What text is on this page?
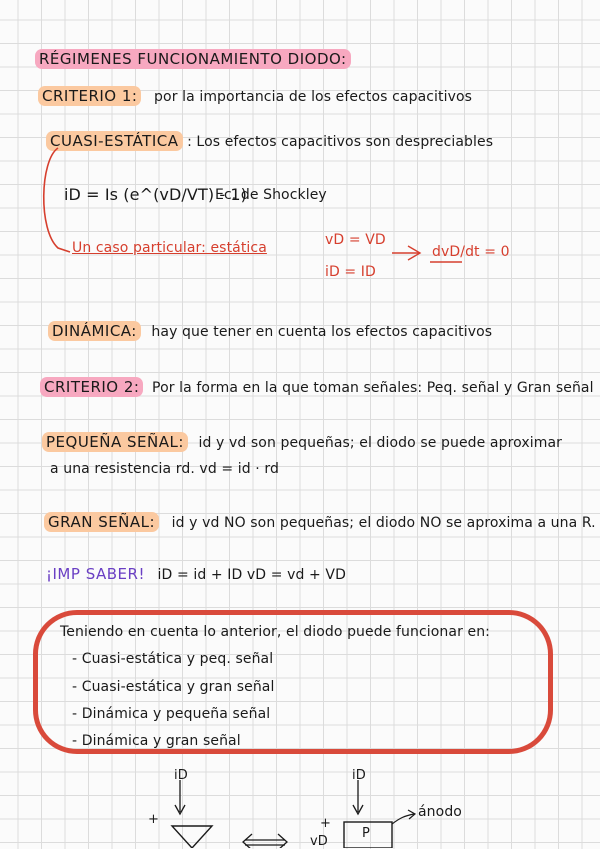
RÉGIMENES FUNCIONAMIENTO DIODO:
CRITERIO 1: por la importancia de los efectos capacitivos
CUASI-ESTÁTICA : Los efectos capacitivos son despreciables
iD = Is (e^(vD/VT) - 1)
Ec. de Shockley
Un caso particular: estática	vD = VD
iD = ID
dvD/dt = 0
DINÁMICA: hay que tener en cuenta los efectos capacitivos
CRITERIO 2: Por la forma en la que toman señales: Peq. señal y Gran señal
PEQUEÑA SEÑAL: id y vd son pequeñas; el diodo se puede aproximar
a una resistencia rd. vd = id · rd
GRAN SEÑAL: id y vd NO son pequeñas; el diodo NO se aproxima a una R.
¡IMP SABER! iD = id + ID vD = vd + VD
Teniendo en cuenta lo anterior, el diodo puede funcionar en:
- Cuasi-estática y peq. señal
- Cuasi-estática y gran señal
- Dinámica y pequeña señal
- Dinámica y gran señal
iD	iD
+	+
vD
P
ánodo
